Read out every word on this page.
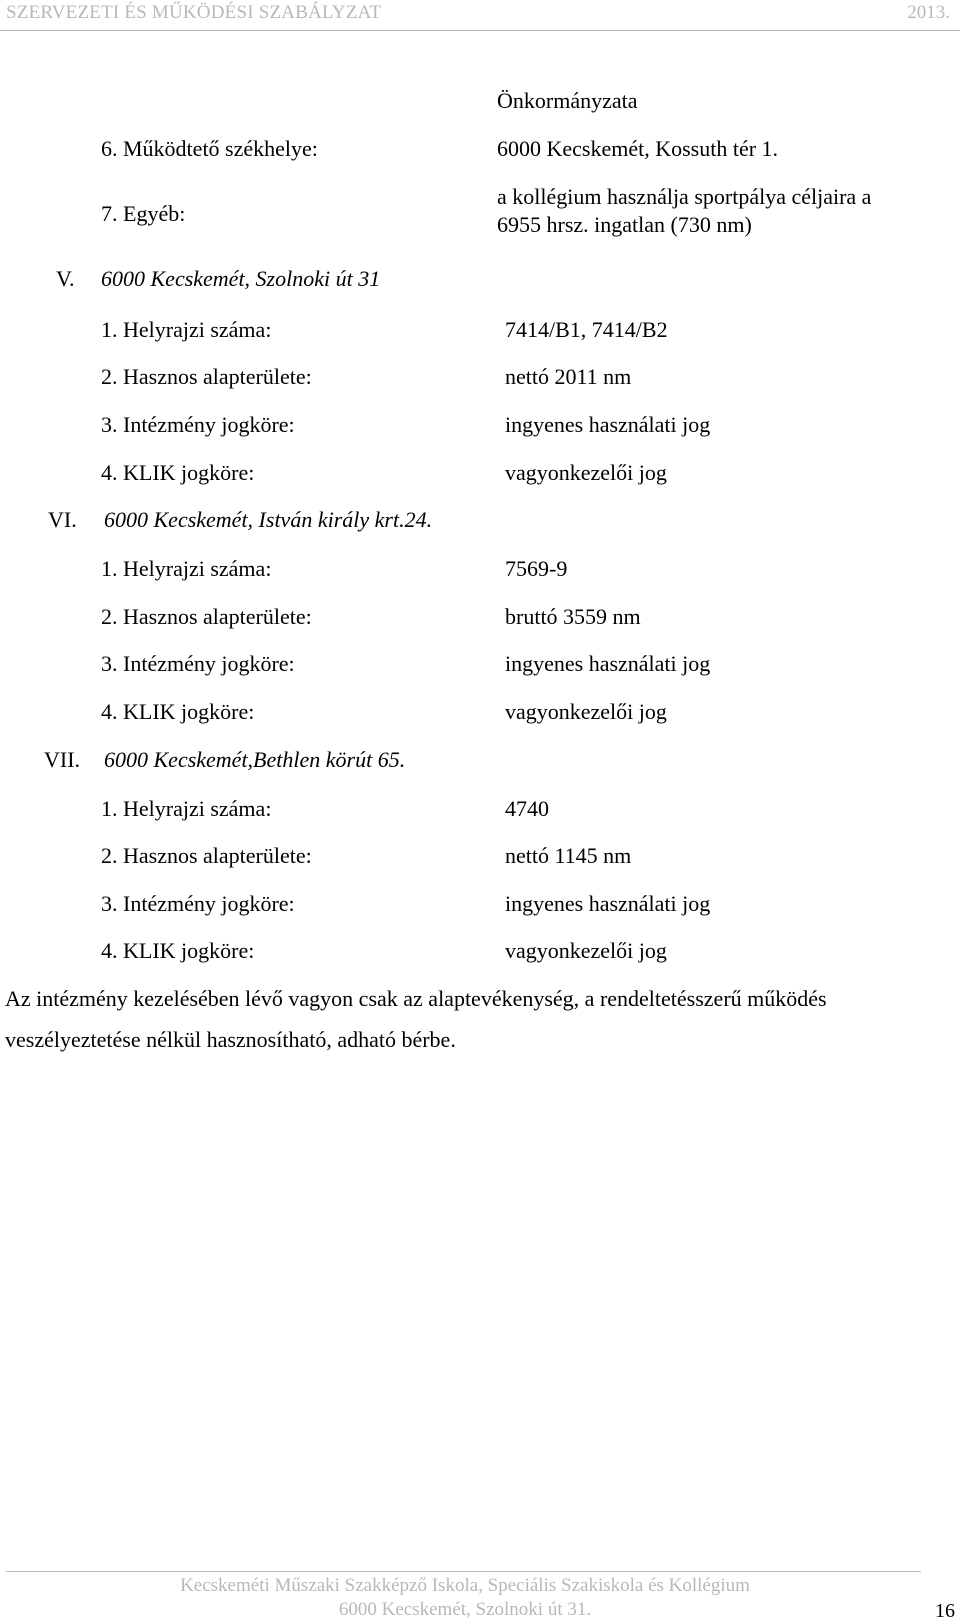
SZERVEZETI ÉS MŰKÖDÉSI SZABÁLYZAT	2013.
Önkormányzata
6. Működtető székhelye:	6000 Kecskemét, Kossuth tér 1.
7. Egyéb:
a kollégium használja sportpálya céljaira a
6955 hrsz. ingatlan (730 nm)
V. 6000 Kecskemét, Szolnoki út 31
1. Helyrajzi száma:	7414/B1, 7414/B2
2. Hasznos alapterülete:	nettó 2011 nm
3. Intézmény jogköre:	ingyenes használati jog
4. KLIK jogköre:	vagyonkezelői jog
VI. 6000 Kecskemét, István király krt.24.
1. Helyrajzi száma:	7569-9
2. Hasznos alapterülete:	bruttó 3559 nm
3. Intézmény jogköre:	ingyenes használati jog
4. KLIK jogköre:	vagyonkezelői jog
VII. 6000 Kecskemét,Bethlen körút 65.
1. Helyrajzi száma:	4740
2. Hasznos alapterülete:	nettó 1145 nm
3. Intézmény jogköre:	ingyenes használati jog
4. KLIK jogköre:	vagyonkezelői jog
Az intézmény kezelésében lévő vagyon csak az alaptevékenység, a rendeltetésszerű működés veszélyeztetése nélkül hasznosítható, adható bérbe.
Kecskeméti Műszaki Szakképző Iskola, Speciális Szakiskola és Kollégium
6000 Kecskemét, Szolnoki út 31.	16
